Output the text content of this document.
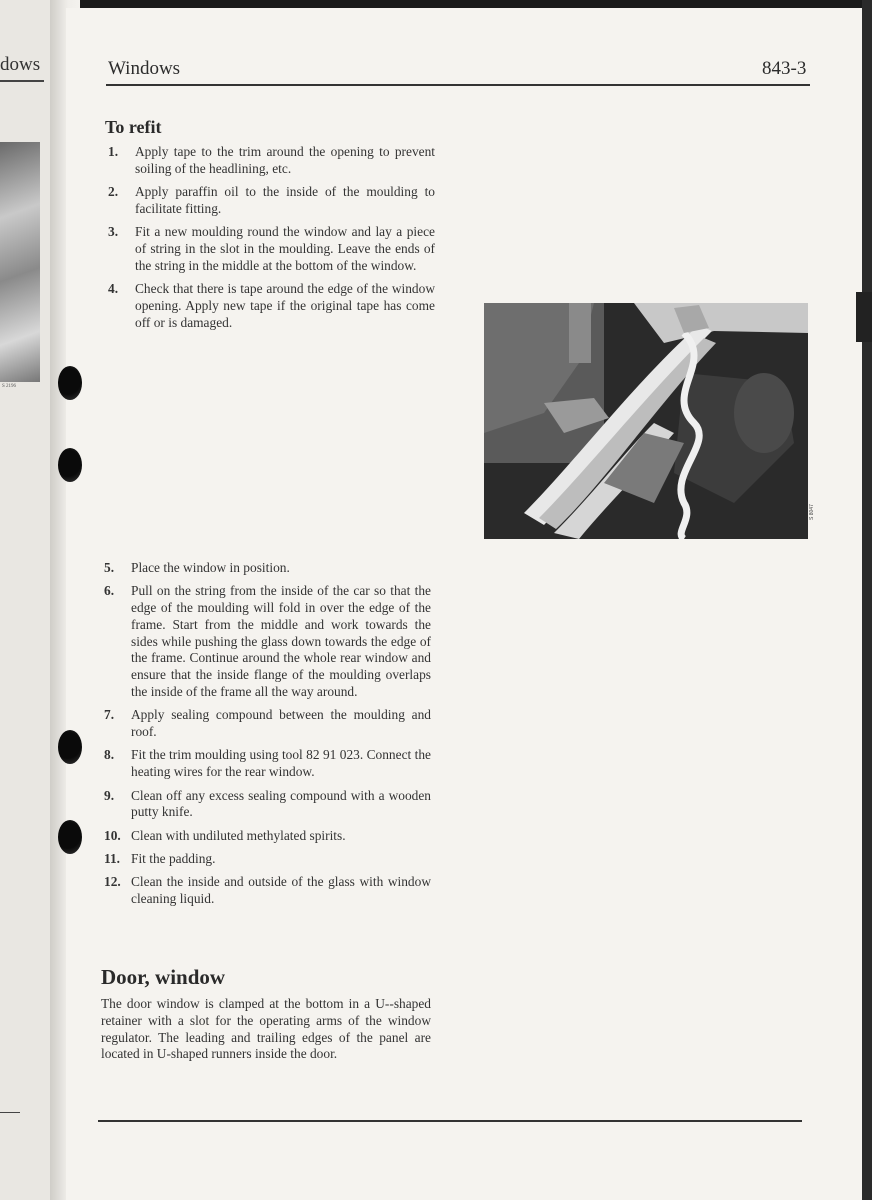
dows
S 2196
Windows	843-3
To refit
1. Apply tape to the trim around the opening to prevent soiling of the headlining, etc.
2. Apply paraffin oil to the inside of the moulding to facilitate fitting.
3. Fit a new moulding round the window and lay a piece of string in the slot in the moulding. Leave the ends of the string in the middle at the bottom of the window.
4. Check that there is tape around the edge of the window opening. Apply new tape if the original tape has come off or is damaged.
S 8047
5. Place the window in position.
6. Pull on the string from the inside of the car so that the edge of the moulding will fold in over the edge of the frame. Start from the middle and work towards the sides while pushing the glass down towards the edge of the frame. Continue around the whole rear window and ensure that the inside flange of the moulding overlaps the inside of the frame all the way around.
7. Apply sealing compound between the moulding and roof.
8. Fit the trim moulding using tool 82 91 023. Connect the heating wires for the rear window.
9. Clean off any excess sealing compound with a wooden putty knife.
10. Clean with undiluted methylated spirits.
11. Fit the padding.
12. Clean the inside and outside of the glass with window cleaning liquid.
Door, window

The door window is clamped at the bottom in a U--shaped retainer with a slot for the operating arms of the window regulator. The leading and trailing edges of the panel are located in U-shaped runners inside the door.
